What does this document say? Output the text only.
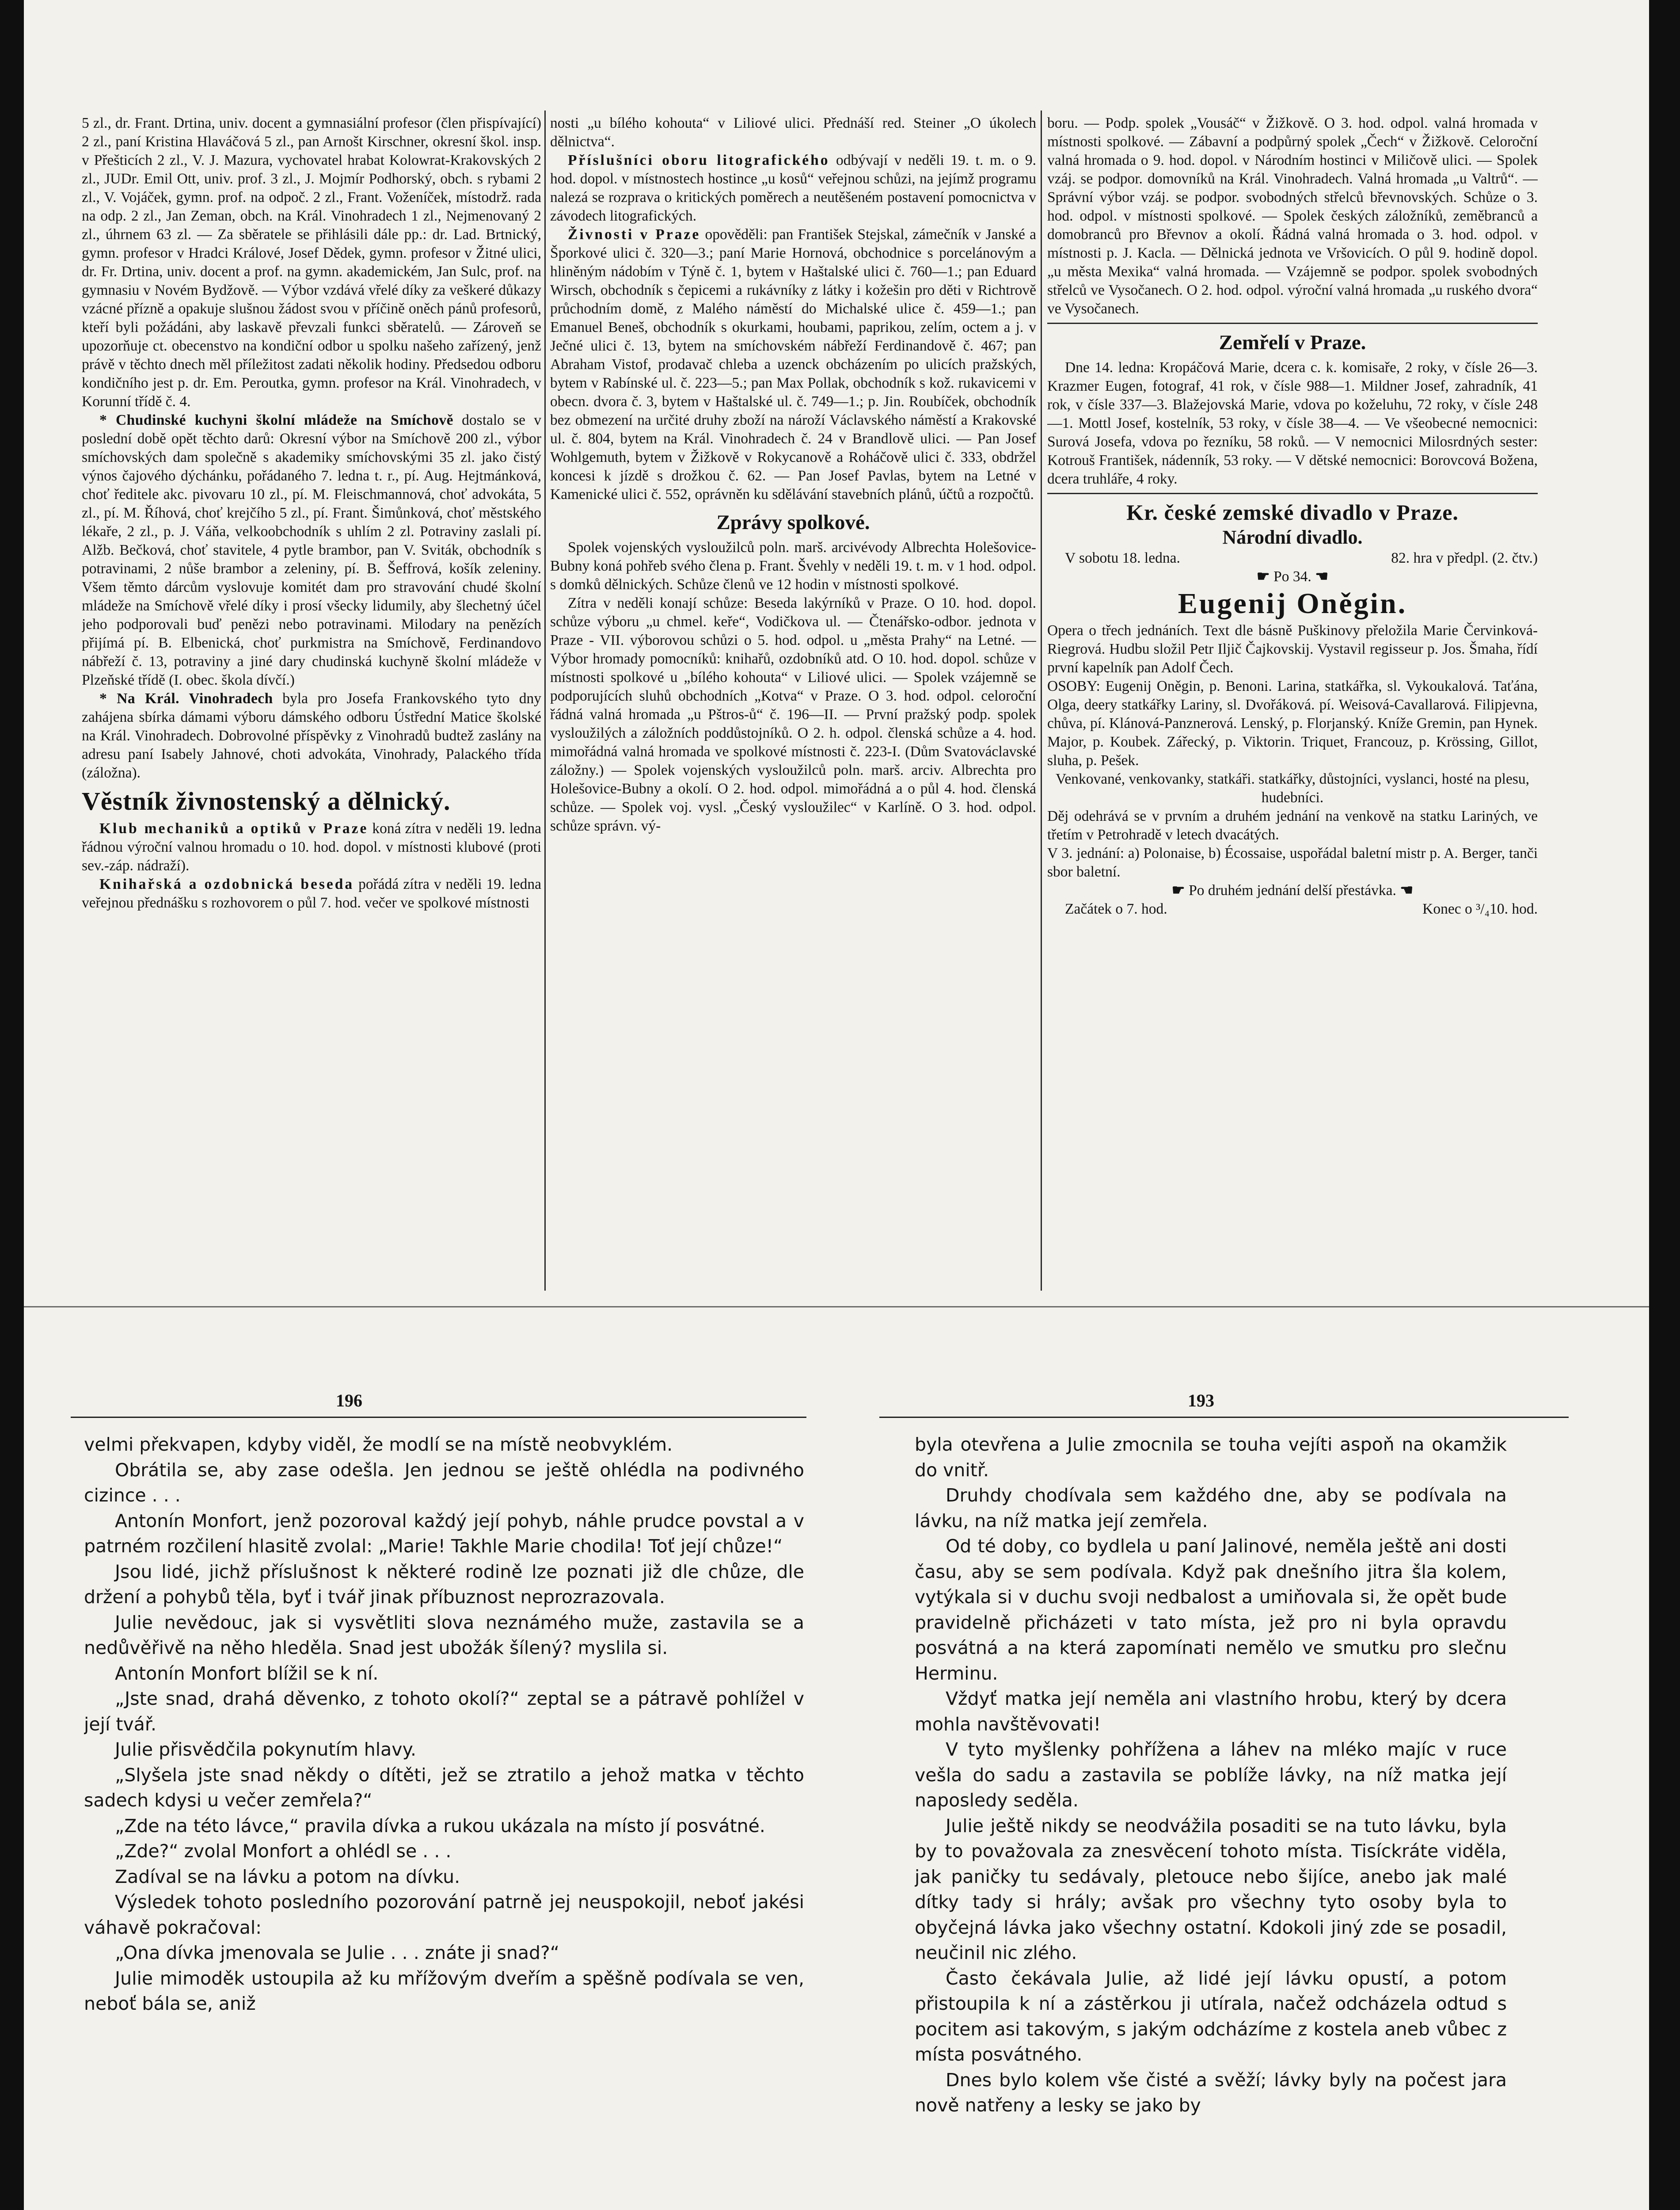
5 zl., dr. Frant. Drtina, univ. docent a gymnasiální profesor (člen přispívající) 2 zl., paní Kristina Hlaváčová 5 zl., pan Arnošt Kirschner, okresní škol. insp. v Přešticích 2 zl., V. J. Mazura, vychovatel hrabat Kolowrat-Krakovských 2 zl., JUDr. Emil Ott, univ. prof. 3 zl., J. Mojmír Podhorský, obch. s rybami 2 zl., V. Vojáček, gymn. prof. na odpoč. 2 zl., Frant. Voženíček, místodrž. rada na odp. 2 zl., Jan Zeman, obch. na Král. Vinohradech 1 zl., Nejmenovaný 2 zl., úhrnem 63 zl. — Za sběratele se přihlásili dále pp.: dr. Lad. Brtnický, gymn. profesor v Hradci Králové, Josef Dědek, gymn. profesor v Žitné ulici, dr. Fr. Drtina, univ. docent a prof. na gymn. akademickém, Jan Sulc, prof. na gymnasiu v Novém Bydžově. — Výbor vzdává vřelé díky za veškeré důkazy vzácné přízně a opakuje slušnou žádost svou v příčině oněch pánů profesorů, kteří byli požádáni, aby laskavě převzali funkci sběratelů. — Zároveň se upozorňuje ct. obecenstvo na kondiční odbor u spolku našeho zařízený, jenž právě v těchto dnech měl příležitost zadati několik hodiny. Předsedou odboru kondičního jest p. dr. Em. Peroutka, gymn. profesor na Král. Vinohradech, v Korunní třídě č. 4.

* Chudinské kuchyni školní mládeže na Smíchově dostalo se v poslední době opět těchto darů: Okresní výbor na Smíchově 200 zl., výbor smíchovských dam společně s akademiky smíchovskými 35 zl. jako čistý výnos čajového dýchánku, pořádaného 7. ledna t. r., pí. Aug. Hejtmánková, choť ředitele akc. pivovaru 10 zl., pí. M. Fleischmannová, choť advokáta, 5 zl., pí. M. Říhová, choť krejčího 5 zl., pí. Frant. Šimůnková, choť městského lékaře, 2 zl., p. J. Váňa, velkoobchodník s uhlím 2 zl. Potraviny zaslali pí. Alžb. Bečková, choť stavitele, 4 pytle brambor, pan V. Sviták, obchodník s potravinami, 2 nůše brambor a zeleniny, pí. B. Šeffrová, košík zeleniny. Všem těmto dárcům vyslovuje komitét dam pro stravování chudé školní mládeže na Smíchově vřelé díky i prosí všecky lidumily, aby šlechetný účel jeho podporovali buď penězi nebo potravinami. Milodary na penězích přijímá pí. B. Elbenická, choť purkmistra na Smíchově, Ferdinandovo nábřeží č. 13, potraviny a jiné dary chudinská kuchyně školní mládeže v Plzeňské třídě (I. obec. škola dívčí.)

* Na Král. Vinohradech byla pro Josefa Frankovského tyto dny zahájena sbírka dámami výboru dámského odboru Ústřední Matice školské na Král. Vinohradech. Dobrovolné příspěvky z Vinohradů budtež zaslány na adresu paní Isabely Jahnové, choti advokáta, Vinohrady, Palackého třída (záložna).

Věstník živnostenský a dělnický.

Klub mechaniků a optiků v Praze koná zítra v neděli 19. ledna řádnou výroční valnou hromadu o 10. hod. dopol. v místnosti klubové (proti sev.-záp. nádraží).

Knihařská a ozdobnická beseda pořádá zítra v neděli 19. ledna veřejnou přednášku s rozhovorem o půl 7. hod. večer ve spolkové místnosti

nosti „u bílého kohouta“ v Liliové ulici. Přednáší red. Steiner „O úkolech dělnictva“.

Příslušníci oboru litografického odbývají v neděli 19. t. m. o 9. hod. dopol. v místnostech hostince „u kosů“ veřejnou schůzi, na jejímž programu nalezá se rozprava o kritických poměrech a neutěšeném postavení pomocnictva v závodech litografických.

Živnosti v Praze opověděli: pan František Stejskal, zámečník v Janské a Šporkové ulici č. 320—3.; paní Marie Hornová, obchodnice s porcelánovým a hliněným nádobím v Týně č. 1, bytem v Haštalské ulici č. 760—1.; pan Eduard Wirsch, obchodník s čepicemi a rukávníky z látky i kožešin pro děti v Richtrově průchodním domě, z Malého náměstí do Michalské ulice č. 459—1.; pan Emanuel Beneš, obchodník s okurkami, houbami, paprikou, zelím, octem a j. v Ječné ulici č. 13, bytem na smíchovském nábřeží Ferdinandově č. 467; pan Abraham Vistof, prodavač chleba a uzenck obcházením po ulicích pražských, bytem v Rabínské ul. č. 223—5.; pan Max Pollak, obchodník s kož. rukavicemi v obecn. dvora č. 3, bytem v Haštalské ul. č. 749—1.; p. Jin. Roubíček, obchodník bez obmezení na určité druhy zboží na nároží Václavského náměstí a Krakovské ul. č. 804, bytem na Král. Vinohradech č. 24 v Brandlově ulici. — Pan Josef Wohlgemuth, bytem v Žižkově v Rokycanově a Roháčově ulici č. 333, obdržel koncesi k jízdě s drožkou č. 62. — Pan Josef Pavlas, bytem na Letné v Kamenické ulici č. 552, oprávněn ku sdělávání stavebních plánů, účtů a rozpočtů.

Zprávy spolkové.

Spolek vojenských vysloužilců poln. marš. arcivévody Albrechta Holešovice-Bubny koná pohřeb svého člena p. Frant. Švehly v neděli 19. t. m. v 1 hod. odpol. s domků dělnických. Schůze členů ve 12 hodin v místnosti spolkové.

Zítra v neděli konají schůze: Beseda lakýrníků v Praze. O 10. hod. dopol. schůze výboru „u chmel. keře“, Vodičkova ul. — Čtenářsko-odbor. jednota v Praze - VII. výborovou schůzi o 5. hod. odpol. u „města Prahy“ na Letné. — Výbor hromady pomocníků: knihařů, ozdobníků atd. O 10. hod. dopol. schůze v místnosti spolkové u „bílého kohouta“ v Liliové ulici. — Spolek vzájemně se podporujících sluhů obchodních „Kotva“ v Praze. O 3. hod. odpol. celoroční řádná valná hromada „u Pštros-ů“ č. 196—II. — První pražský podp. spolek vysloužilých a záložních poddůstojníků. O 2. h. odpol. členská schůze a 4. hod. mimořádná valná hromada ve spolkové místnosti č. 223-I. (Dům Svatováclavské záložny.) — Spolek vojenských vysloužilců poln. marš. arciv. Albrechta pro Holešovice-Bubny a okolí. O 2. hod. odpol. mimořádná a o půl 4. hod. členská schůze. — Spolek voj. vysl. „Český vysloužilec“ v Karlíně. O 3. hod. odpol. schůze správn. vý-

boru. — Podp. spolek „Vousáč“ v Žižkově. O 3. hod. odpol. valná hromada v místnosti spolkové. — Zábavní a podpůrný spolek „Čech“ v Žižkově. Celoroční valná hromada o 9. hod. dopol. v Národním hostinci v Miličově ulici. — Spolek vzáj. se podpor. domovníků na Král. Vinohradech. Valná hromada „u Valtrů“. — Správní výbor vzáj. se podpor. svobodných střelců břevnovských. Schůze o 3. hod. odpol. v místnosti spolkové. — Spolek českých záložníků, zeměbranců a domobranců pro Břevnov a okolí. Řádná valná hromada o 3. hod. odpol. v místnosti p. J. Kacla. — Dělnická jednota ve Vršovicích. O půl 9. hodině dopol. „u města Mexika“ valná hromada. — Vzájemně se podpor. spolek svobodných střelců ve Vysočanech. O 2. hod. odpol. výroční valná hromada „u ruského dvora“ ve Vysočanech.

Zemřelí v Praze.

Dne 14. ledna: Kropáčová Marie, dcera c. k. komisaře, 2 roky, v čísle 26—3. Krazmer Eugen, fotograf, 41 rok, v čísle 988—1. Mildner Josef, zahradník, 41 rok, v čísle 337—3. Blažejovská Marie, vdova po koželuhu, 72 roky, v čísle 248—1. Mottl Josef, kostelník, 53 roky, v čísle 38—4. — Ve všeobecné nemocnici: Surová Josefa, vdova po řezníku, 58 roků. — V nemocnici Milosrdných sester: Kotrouš František, nádenník, 53 roky. — V dětské nemocnici: Borovcová Božena, dcera truhláře, 4 roky.

Kr. české zemské divadlo v Praze.
Národní divadlo.
V sobotu 18. ledna.	82. hra v předpl. (2. čtv.)
☛ Po 34. ☚
Eugenij Oněgin.

Opera o třech jednáních. Text dle básně Puškinovy přeložila Marie Červinková-Riegrová. Hudbu složil Petr Iljič Čajkovskij. Vystavil regisseur p. Jos. Šmaha, řídí první kapelník pan Adolf Čech.

OSOBY: Eugenij Oněgin, p. Benoni. Larina, statkářka, sl. Vykoukalová. Taťána, Olga, deery statkářky Lariny, sl. Dvořáková. pí. Weisová-Cavallarová. Filipjevna, chůva, pí. Klánová-Panznerová. Lenský, p. Florjanský. Kníže Gremin, pan Hynek. Major, p. Koubek. Zářecký, p. Viktorin. Triquet, Francouz, p. Krössing, Gillot, sluha, p. Pešek.

Venkované, venkovanky, statkáři. statkářky, důstojníci, vyslanci, hosté na plesu, hudebníci.

Děj odehrává se v prvním a druhém jednání na venkově na statku Lariných, ve třetím v Petrohradě v letech dvacátých.

V 3. jednání: a) Polonaise, b) Écossaise, uspořádal baletní mistr p. A. Berger, tanči sbor baletní.

☛ Po druhém jednání delší přestávka. ☚
Začátek o 7. hod.	Konec o ³/₄10. hod.
196	193

velmi překvapen, kdyby viděl, že modlí se na místě neobvyklém.

Obrátila se, aby zase odešla. Jen jednou se ještě ohlédla na podivného cizince . . .

Antonín Monfort, jenž pozoroval každý její pohyb, náhle prudce povstal a v patrném rozčilení hlasitě zvolal: „Marie! Takhle Marie chodila! Toť její chůze!“

Jsou lidé, jichž příslušnost k některé rodině lze poznati již dle chůze, dle držení a pohybů těla, byť i tvář jinak příbuznost neprozrazovala.

Julie nevědouc, jak si vysvětliti slova neznámého muže, zastavila se a nedůvěřivě na něho hleděla. Snad jest ubožák šílený? myslila si.

Antonín Monfort blížil se k ní.

„Jste snad, drahá děvenko, z tohoto okolí?“ zeptal se a pátravě pohlížel v její tvář.

Julie přisvědčila pokynutím hlavy.

„Slyšela jste snad někdy o dítěti, jež se ztratilo a jehož matka v těchto sadech kdysi u večer zemřela?“

„Zde na této lávce,“ pravila dívka a rukou ukázala na místo jí posvátné.

„Zde?“ zvolal Monfort a ohlédl se . . .

Zadíval se na lávku a potom na dívku.

Výsledek tohoto posledního pozorování patrně jej neuspokojil, neboť jakési váhavě pokračoval:

„Ona dívka jmenovala se Julie . . . znáte ji snad?“

Julie mimoděk ustoupila až ku mřížovým dveřím a spěšně podívala se ven, neboť bála se, aniž

byla otevřena a Julie zmocnila se touha vejíti aspoň na okamžik do vnitř.

Druhdy chodívala sem každého dne, aby se podívala na lávku, na níž matka její zemřela.

Od té doby, co bydlela u paní Jalinové, neměla ještě ani dosti času, aby se sem podívala. Když pak dnešního jitra šla kolem, vytýkala si v duchu svoji nedbalost a umiňovala si, že opět bude pravidelně přicházeti v tato místa, jež pro ni byla opravdu posvátná a na která zapomínati nemělo ve smutku pro slečnu Herminu.

Vždyť matka její neměla ani vlastního hrobu, který by dcera mohla navštěvovati!

V tyto myšlenky pohřížena a láhev na mléko majíc v ruce vešla do sadu a zastavila se poblíže lávky, na níž matka její naposledy seděla.

Julie ještě nikdy se neodvážila posaditi se na tuto lávku, byla by to považovala za znesvěcení tohoto místa. Tisíckráte viděla, jak paničky tu sedávaly, pletouce nebo šijíce, anebo jak malé dítky tady si hrály; avšak pro všechny tyto osoby byla to obyčejná lávka jako všechny ostatní. Kdokoli jiný zde se posadil, neučinil nic zlého.

Často čekávala Julie, až lidé její lávku opustí, a potom přistoupila k ní a zástěrkou ji utírala, načež odcházela odtud s pocitem asi takovým, s jakým odcházíme z kostela aneb vůbec z místa posvátného.

Dnes bylo kolem vše čisté a svěží; lávky byly na počest jara nově natřeny a lesky se jako by
